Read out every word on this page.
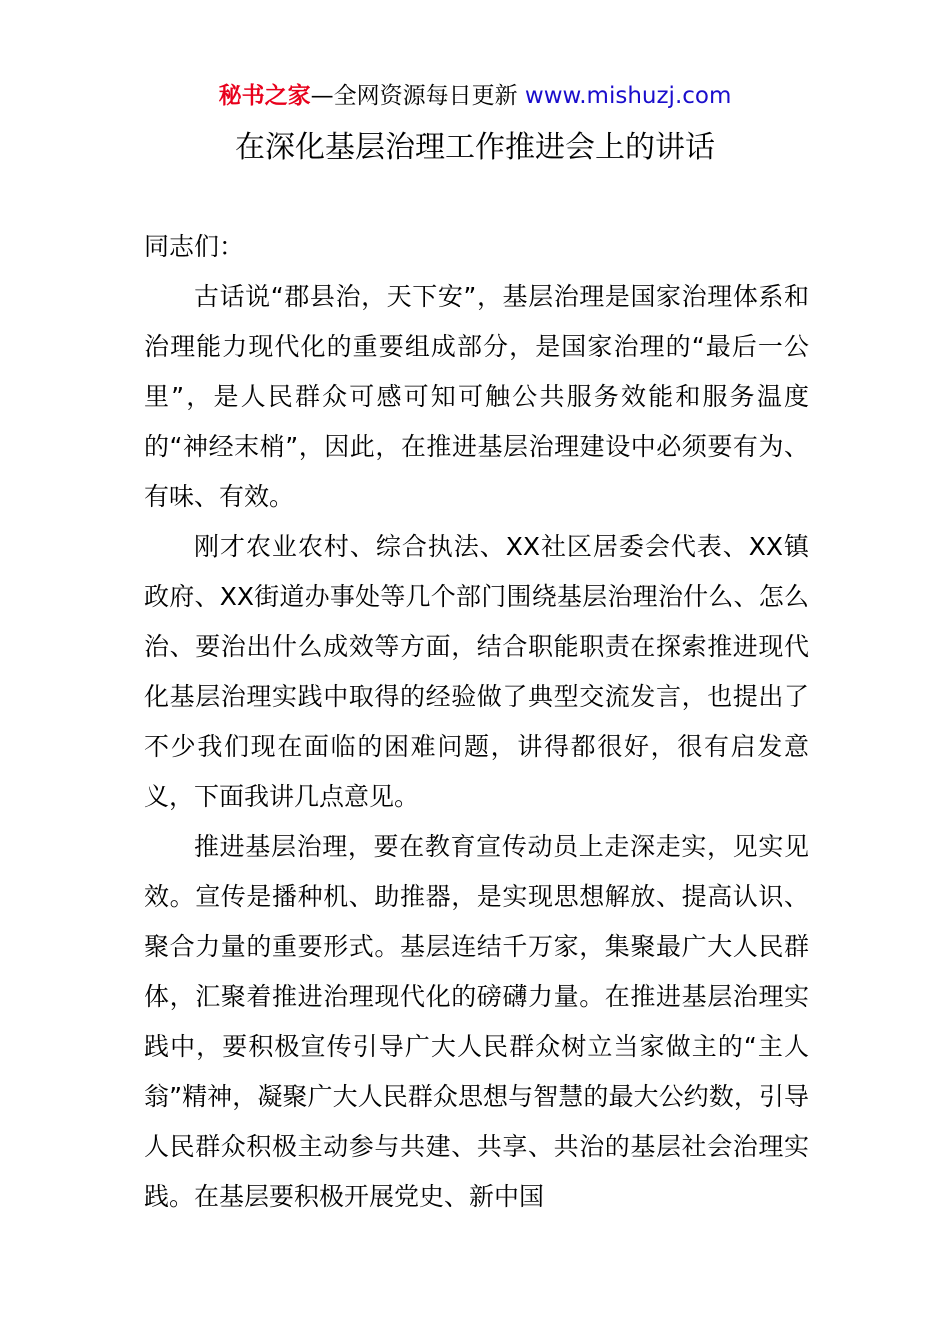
秘书之家—全网资源每日更新 www.mishuzj.com
在深化基层治理工作推进会上的讲话

同志们：

古话说“郡县治，天下安”，基层治理是国家治理体系和治理能力现代化的重要组成部分，是国家治理的“最后一公里”，是人民群众可感可知可触公共服务效能和服务温度的“神经末梢”，因此，在推进基层治理建设中必须要有为、有味、有效。

刚才农业农村、综合执法、XX社区居委会代表、XX镇政府、XX街道办事处等几个部门围绕基层治理治什么、怎么治、要治出什么成效等方面，结合职能职责在探索推进现代化基层治理实践中取得的经验做了典型交流发言，也提出了不少我们现在面临的困难问题，讲得都很好，很有启发意义，下面我讲几点意见。

推进基层治理，要在教育宣传动员上走深走实，见实见效。宣传是播种机、助推器，是实现思想解放、提高认识、聚合力量的重要形式。基层连结千万家，集聚最广大人民群体，汇聚着推进治理现代化的磅礴力量。在推进基层治理实践中，要积极宣传引导广大人民群众树立当家做主的“主人翁”精神，凝聚广大人民群众思想与智慧的最大公约数，引导人民群众积极主动参与共建、共享、共治的基层社会治理实践。在基层要积极开展党史、新中国
